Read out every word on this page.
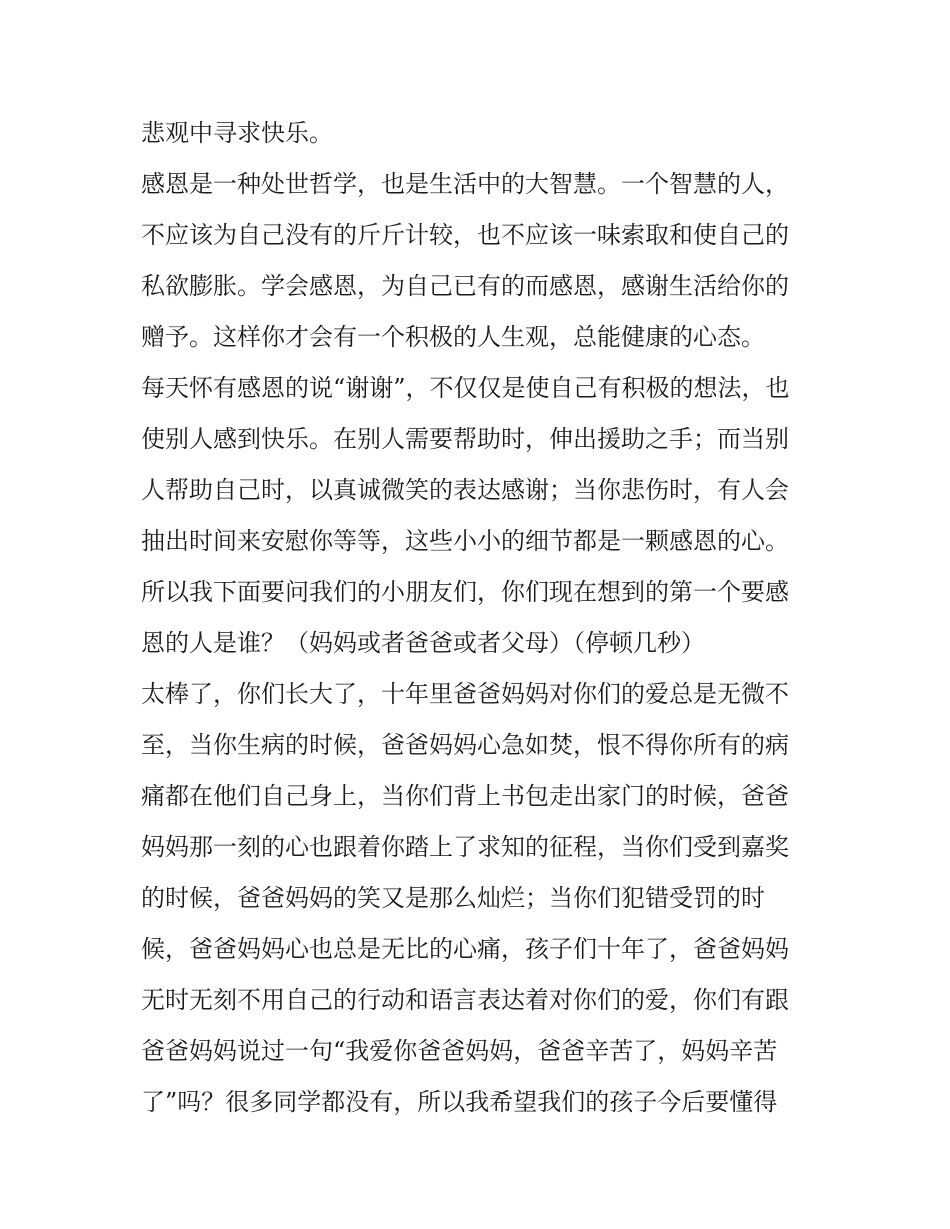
悲观中寻求快乐。
感恩是一种处世哲学，也是生活中的大智慧。一个智慧的人，
不应该为自己没有的斤斤计较，也不应该一味索取和使自己的
私欲膨胀。学会感恩，为自己已有的而感恩，感谢生活给你的
赠予。这样你才会有一个积极的人生观，总能健康的心态。
每天怀有感恩的说“谢谢”，不仅仅是使自己有积极的想法，也
使别人感到快乐。在别人需要帮助时，伸出援助之手；而当别
人帮助自己时，以真诚微笑的表达感谢；当你悲伤时，有人会
抽出时间来安慰你等等，这些小小的细节都是一颗感恩的心。
所以我下面要问我们的小朋友们，你们现在想到的第一个要感
恩的人是谁？（妈妈或者爸爸或者父母）（停顿几秒）
太棒了，你们长大了，十年里爸爸妈妈对你们的爱总是无微不
至，当你生病的时候，爸爸妈妈心急如焚，恨不得你所有的病
痛都在他们自己身上，当你们背上书包走出家门的时候，爸爸
妈妈那一刻的心也跟着你踏上了求知的征程，当你们受到嘉奖
的时候，爸爸妈妈的笑又是那么灿烂；当你们犯错受罚的时
候，爸爸妈妈心也总是无比的心痛，孩子们十年了，爸爸妈妈
无时无刻不用自己的行动和语言表达着对你们的爱，你们有跟
爸爸妈妈说过一句“我爱你爸爸妈妈，爸爸辛苦了，妈妈辛苦
了”吗？很多同学都没有，所以我希望我们的孩子今后要懂得
